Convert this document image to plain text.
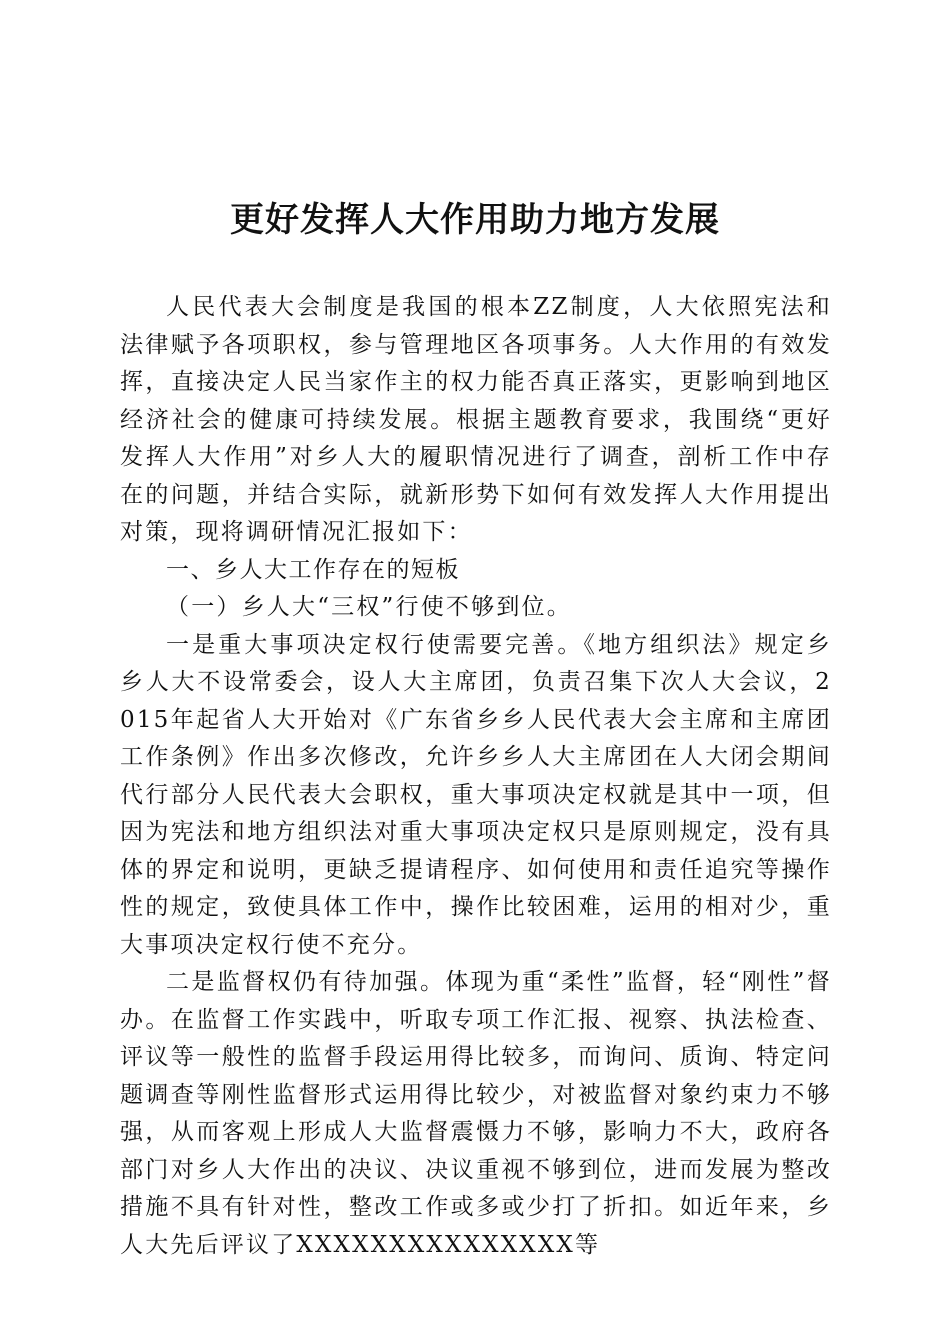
更好发挥人大作用助力地方发展

人民代表大会制度是我国的根本ZZ制度，人大依照宪法和法律赋予各项职权，参与管理地区各项事务。人大作用的有效发挥，直接决定人民当家作主的权力能否真正落实，更影响到地区经济社会的健康可持续发展。根据主题教育要求，我围绕“更好发挥人大作用”对乡人大的履职情况进行了调查，剖析工作中存在的问题，并结合实际，就新形势下如何有效发挥人大作用提出对策，现将调研情况汇报如下：

一、乡人大工作存在的短板

（一）乡人大“三权”行使不够到位。

一是重大事项决定权行使需要完善。《地方组织法》规定乡乡人大不设常委会，设人大主席团，负责召集下次人大会议，2015年起省人大开始对《广东省乡乡人民代表大会主席和主席团工作条例》作出多次修改，允许乡乡人大主席团在人大闭会期间代行部分人民代表大会职权，重大事项决定权就是其中一项，但因为宪法和地方组织法对重大事项决定权只是原则规定，没有具体的界定和说明，更缺乏提请程序、如何使用和责任追究等操作性的规定，致使具体工作中，操作比较困难，运用的相对少，重大事项决定权行使不充分。

二是监督权仍有待加强。体现为重“柔性”监督，轻“刚性”督办。在监督工作实践中，听取专项工作汇报、视察、执法检查、评议等一般性的监督手段运用得比较多，而询问、质询、特定问题调查等刚性监督形式运用得比较少，对被监督对象约束力不够强，从而客观上形成人大监督震慑力不够，影响力不大，政府各部门对乡人大作出的决议、决议重视不够到位，进而发展为整改措施不具有针对性，整改工作或多或少打了折扣。如近年来，乡人大先后评议了XXXXXXXXXXXXXXX等
